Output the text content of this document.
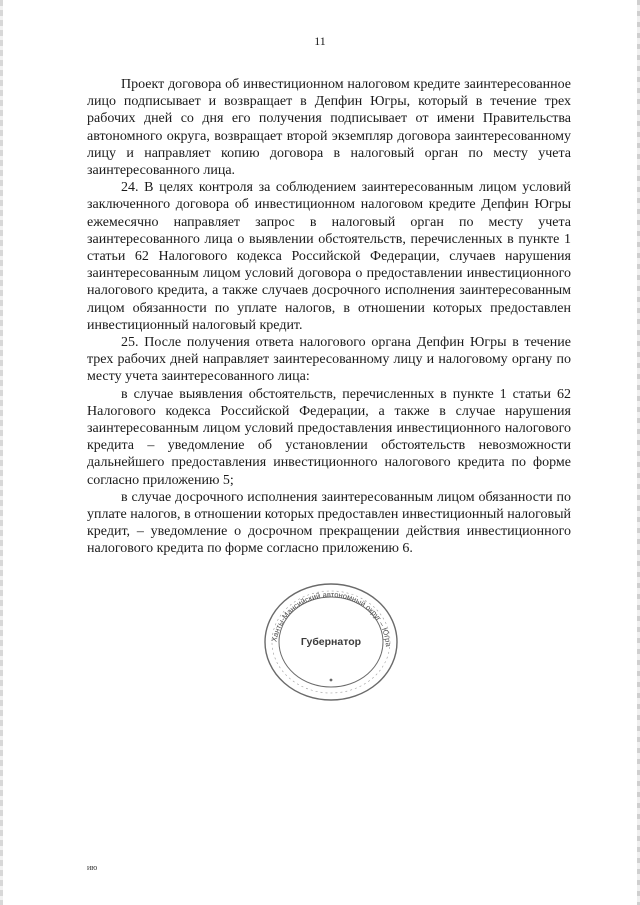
11

Проект договора об инвестиционном налоговом кредите заинтересованное лицо подписывает и возвращает в Депфин Югры, который в течение трех рабочих дней со дня его получения подписывает от имени Правительства автономного округа, возвращает второй экземпляр договора заинтересованному лицу и направляет копию договора в налоговый орган по месту учета заинтересованного лица.

24. В целях контроля за соблюдением заинтересованным лицом условий заключенного договора об инвестиционном налоговом кредите Депфин Югры ежемесячно направляет запрос в налоговый орган по месту учета заинтересованного лица о выявлении обстоятельств, перечисленных в пункте 1 статьи 62 Налогового кодекса Российской Федерации, случаев нарушения заинтересованным лицом условий договора о предоставлении инвестиционного налогового кредита, а также случаев досрочного исполнения заинтересованным лицом обязанности по уплате налогов, в отношении которых предоставлен инвестиционный налоговый кредит.

25. После получения ответа налогового органа Депфин Югры в течение трех рабочих дней направляет заинтересованному лицу и налоговому органу по месту учета заинтересованного лица:

в случае выявления обстоятельств, перечисленных в пункте 1 статьи 62 Налогового кодекса Российской Федерации, а также в случае нарушения заинтересованным лицом условий предоставления инвестиционного налогового кредита – уведомление об установлении обстоятельств невозможности дальнейшего предоставления инвестиционного налогового кредита по форме согласно приложению 5;

в случае досрочного исполнения заинтересованным лицом обязанности по уплате налогов, в отношении которых предоставлен инвестиционный налоговый кредит, – уведомление о досрочном прекращении действия инвестиционного налогового кредита по форме согласно приложению 6.

Ханты-Мансийский автономный округ – Югра
Губернатор
ию
